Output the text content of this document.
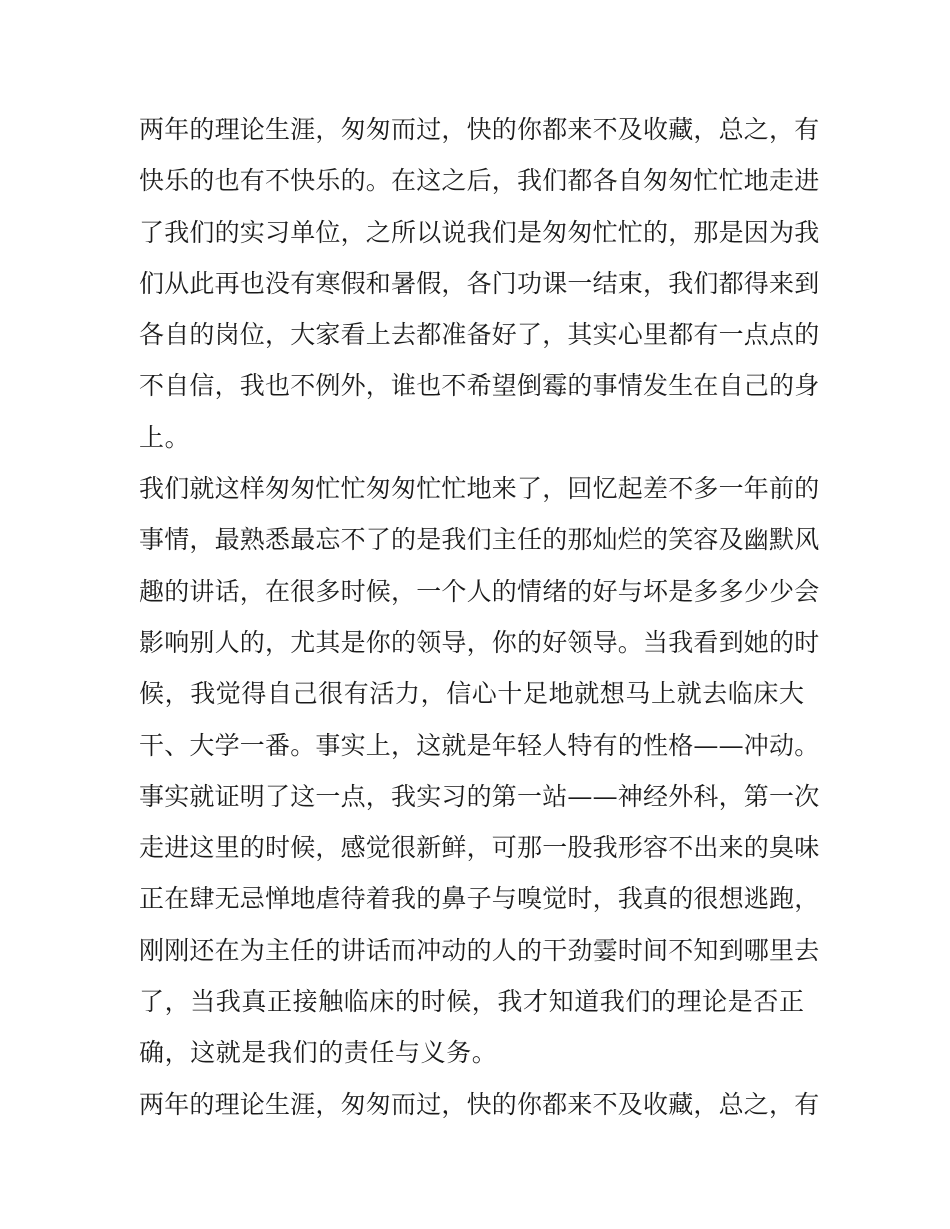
两年的理论生涯，匆匆而过，快的你都来不及收藏，总之，有
快乐的也有不快乐的。在这之后，我们都各自匆匆忙忙地走进
了我们的实习单位，之所以说我们是匆匆忙忙的，那是因为我
们从此再也没有寒假和暑假，各门功课一结束，我们都得来到
各自的岗位，大家看上去都准备好了，其实心里都有一点点的
不自信，我也不例外，谁也不希望倒霉的事情发生在自己的身
上。
我们就这样匆匆忙忙匆匆忙忙地来了，回忆起差不多一年前的
事情，最熟悉最忘不了的是我们主任的那灿烂的笑容及幽默风
趣的讲话，在很多时候，一个人的情绪的好与坏是多多少少会
影响别人的，尤其是你的领导，你的好领导。当我看到她的时
候，我觉得自己很有活力，信心十足地就想马上就去临床大
干、大学一番。事实上，这就是年轻人特有的性格——冲动。
事实就证明了这一点，我实习的第一站——神经外科，第一次
走进这里的时候，感觉很新鲜，可那一股我形容不出来的臭味
正在肆无忌惮地虐待着我的鼻子与嗅觉时，我真的很想逃跑，
刚刚还在为主任的讲话而冲动的人的干劲霎时间不知到哪里去
了，当我真正接触临床的时候，我才知道我们的理论是否正
确，这就是我们的责任与义务。
两年的理论生涯，匆匆而过，快的你都来不及收藏，总之，有
